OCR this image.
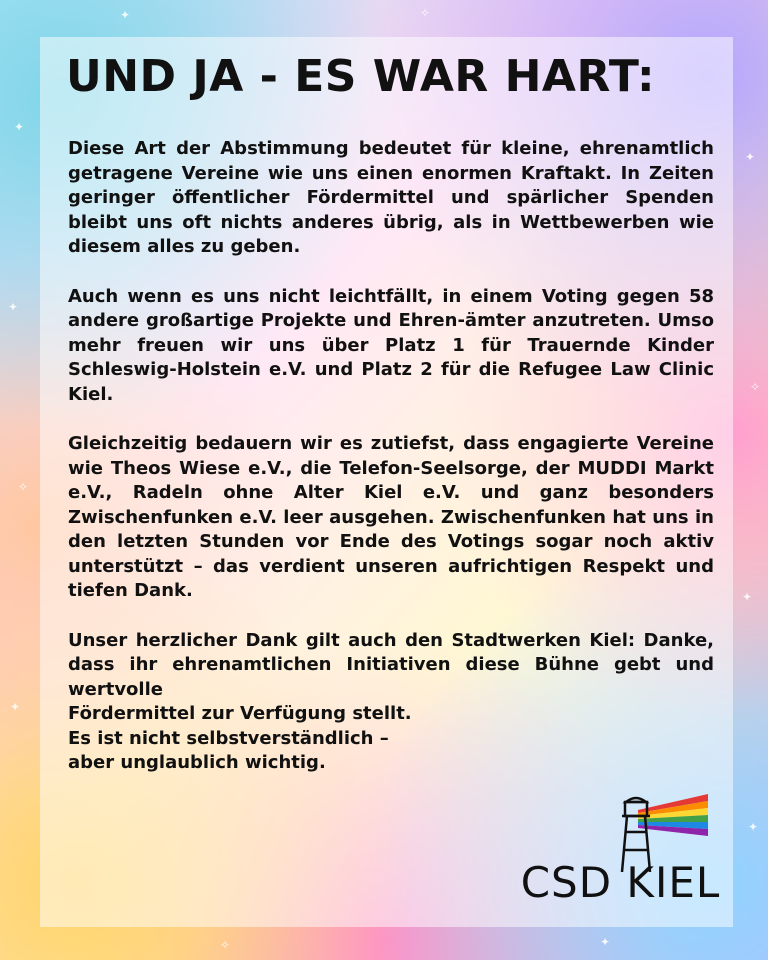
✦
✦
✧
✦
✦
✧
✦
✦
✦	✧
✦
✧
UND JA - ES WAR HART:

Diese Art der Abstimmung bedeutet für kleine, ehrenamtlich getragene Vereine wie uns einen enormen Kraftakt. In Zeiten geringer öffentlicher Fördermittel und spärlicher Spenden bleibt uns oft nichts anderes übrig, als in Wettbewerben wie diesem alles zu geben.

Auch wenn es uns nicht leichtfällt, in einem Voting gegen 58 andere großartige Projekte und Ehren-ämter anzutreten. Umso mehr freuen wir uns über Platz 1 für Trauernde Kinder Schleswig-Holstein e.V. und Platz 2 für die Refugee Law Clinic Kiel.

Gleichzeitig bedauern wir es zutiefst, dass engagierte Vereine wie Theos Wiese e.V., die Telefon-Seelsorge, der MUDDI Markt e.V., Radeln ohne Alter Kiel e.V. und ganz besonders Zwischenfunken e.V. leer ausgehen. Zwischenfunken hat uns in den letzten Stunden vor Ende des Votings sogar noch aktiv unterstützt – das verdient unseren aufrichtigen Respekt und tiefen Dank.

Unser herzlicher Dank gilt auch den Stadtwerken Kiel: Danke, dass ihr ehrenamtlichen Initiativen diese Bühne gebt und wertvolle

Fördermittel zur Verfügung stellt.
Es ist nicht selbstverständlich –
aber unglaublich wichtig.
CSD KIEL
